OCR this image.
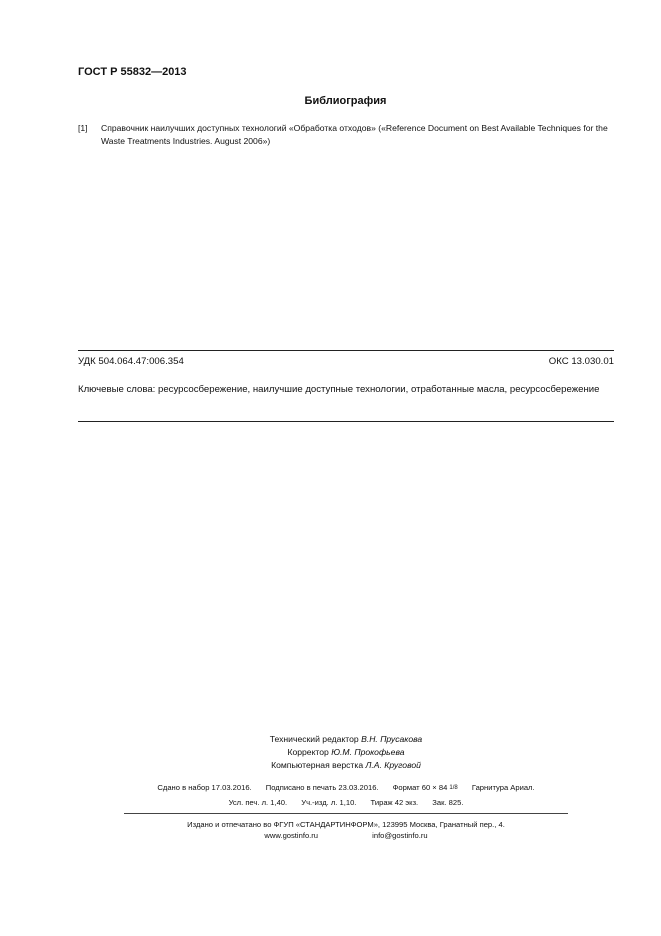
ГОСТ Р 55832—2013
Библиография
[1]	Справочник наилучших доступных технологий «Обработка отходов» («Reference Document on Best Available Techniques for the Waste Treatments Industries. August 2006»)
УДК 504.064.47:006.354	ОКС 13.030.01
Ключевые слова: ресурсосбережение, наилучшие доступные технологии, отработанные масла, ресурсосбережение
Технический редактор В.Н. Прусакова
Корректор Ю.М. Прокофьева
Компьютерная верстка Л.А. Круговой
Сдано в набор 17.03.2016. Подписано в печать 23.03.2016. Формат 60 × 84 1/8 Гарнитура Ариал.
Усл. печ. л. 1,40. Уч.-изд. л. 1,10. Тираж 42 экз. Зак. 825.
Издано и отпечатано во ФГУП «СТАНДАРТИНФОРМ», 123995 Москва, Гранатный пер., 4.
www.gostinfo.ru	info@gostinfo.ru
